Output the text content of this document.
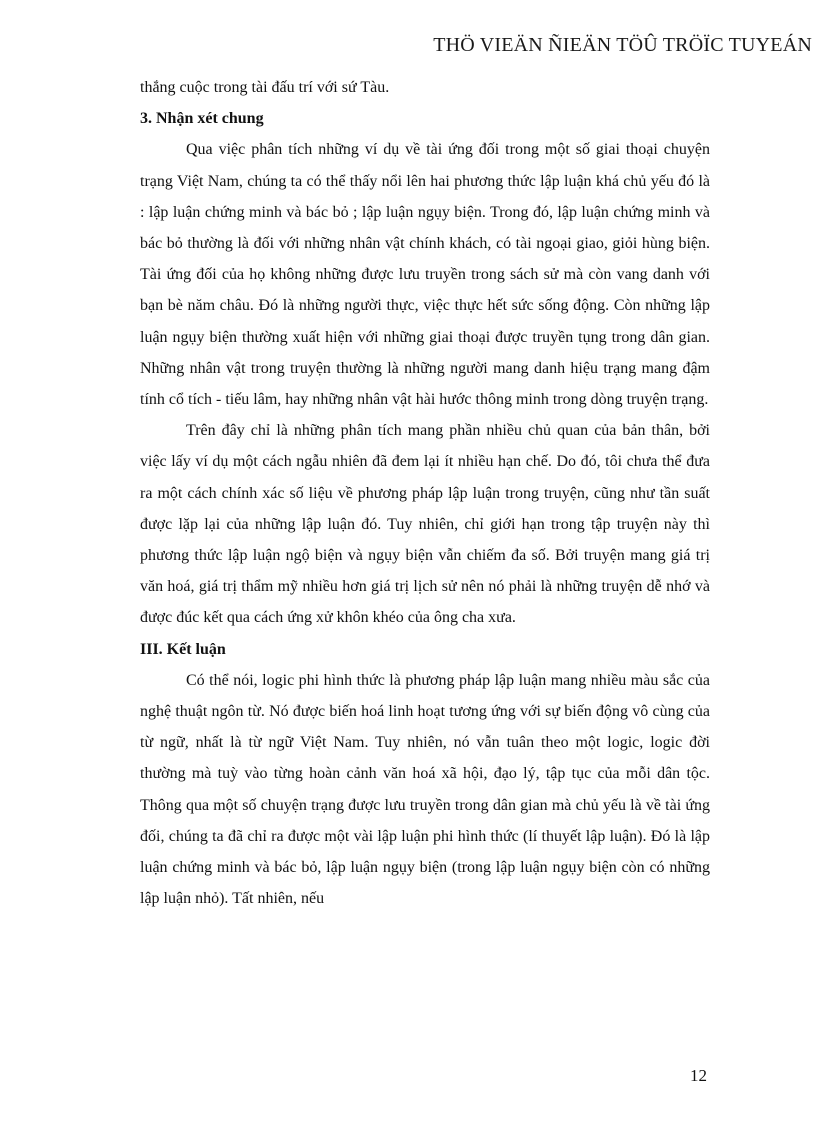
THÖ VIEÄN ÑIEÄN TÖÛ TRÖÏC TUYEÁN

thắng cuộc trong tài đấu trí với sứ Tàu.

3. Nhận xét chung

Qua việc phân tích những ví dụ về tài ứng đối trong một số giai thoại chuyện trạng Việt Nam, chúng ta có thể thấy nổi lên hai phương thức lập luận khá chủ yếu đó là : lập luận chứng minh và bác bỏ ; lập luận ngụy biện. Trong đó, lập luận chứng minh và bác bỏ thường là đối với những nhân vật chính khách, có tài ngoại giao, giỏi hùng biện. Tài ứng đối của họ không những được lưu truyền trong sách sử mà còn vang danh với bạn bè năm châu. Đó là những người thực, việc thực hết sức sống động. Còn những lập luận ngụy biện thường xuất hiện với những giai thoại được truyền tụng trong dân gian. Những nhân vật trong truyện thường là những người mang danh hiệu trạng mang đậm tính cổ tích - tiếu lâm, hay những nhân vật hài hước thông minh trong dòng truyện trạng.

Trên đây chỉ là những phân tích mang phần nhiều chủ quan của bản thân, bởi việc lấy ví dụ một cách ngẫu nhiên đã đem lại ít nhiều hạn chế. Do đó, tôi chưa thể đưa ra một cách chính xác số liệu về phương pháp lập luận trong truyện, cũng như tần suất được lặp lại của những lập luận đó. Tuy nhiên, chỉ giới hạn trong tập truyện này thì phương thức lập luận ngộ biện và ngụy biện vẫn chiếm đa số. Bởi truyện mang giá trị văn hoá, giá trị thẩm mỹ nhiều hơn giá trị lịch sử nên nó phải là những truyện dễ nhớ và được đúc kết qua cách ứng xử khôn khéo của ông cha xưa.

III. Kết luận

Có thể nói, logic phi hình thức là phương pháp lập luận mang nhiều màu sắc của nghệ thuật ngôn từ. Nó được biến hoá linh hoạt tương ứng với sự biến động vô cùng của từ ngữ, nhất là từ ngữ Việt Nam. Tuy nhiên, nó vẫn tuân theo một logic, logic đời thường mà tuỳ vào từng hoàn cảnh văn hoá xã hội, đạo lý, tập tục của mỗi dân tộc. Thông qua một số chuyện trạng được lưu truyền trong dân gian mà chủ yếu là về tài ứng đối, chúng ta đã chỉ ra được một vài lập luận phi hình thức (lí thuyết lập luận). Đó là lập luận chứng minh và bác bỏ, lập luận ngụy biện (trong lập luận ngụy biện còn có những lập luận nhỏ). Tất nhiên, nếu

12
